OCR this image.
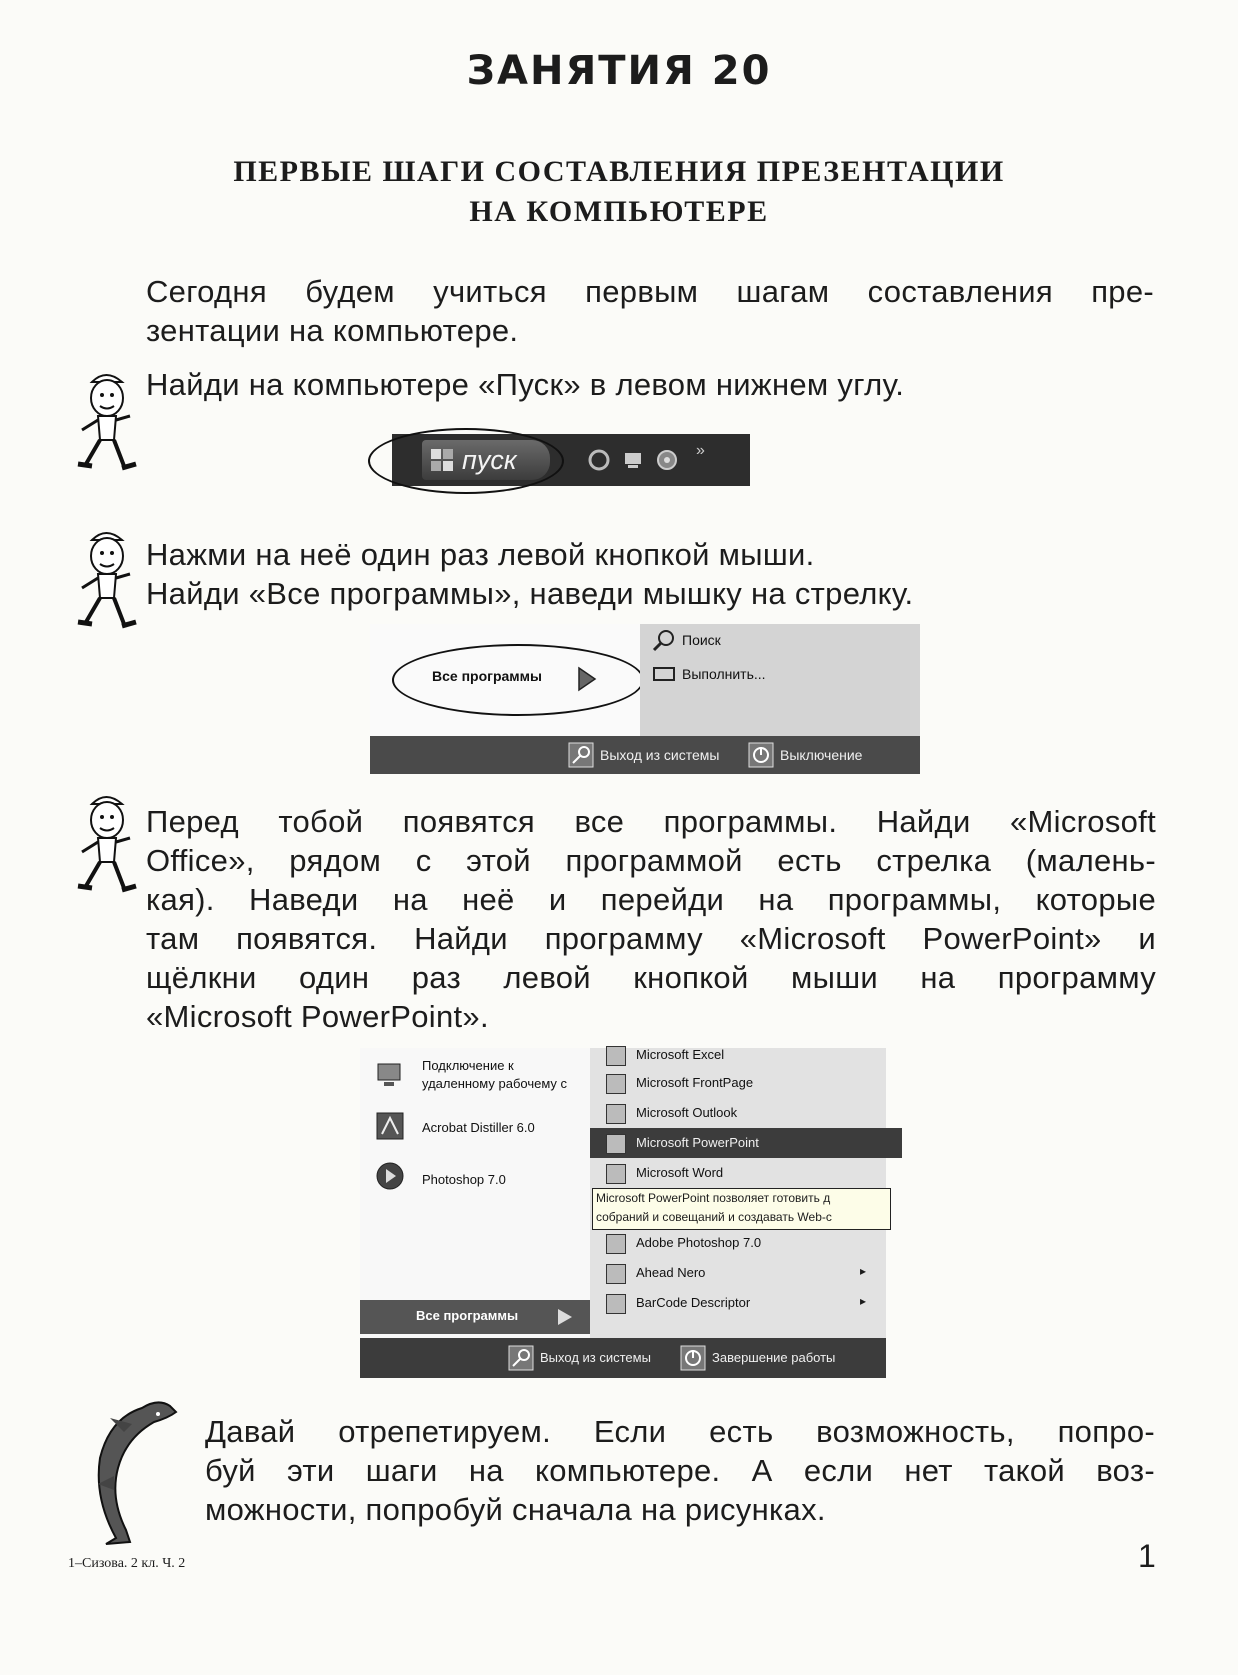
ЗАНЯТИЯ 20
ПЕРВЫЕ ШАГИ СОСТАВЛЕНИЯ ПРЕЗЕНТАЦИИ
НА КОМПЬЮТЕРЕ
Сегодня будем учиться первым шагам составления пре-
зентации на компьютере.
Найди на компьютере «Пуск» в левом нижнем углу.
пуск	»
Нажми на неё один раз левой кнопкой мыши.
Найди «Все программы», наведи мышку на стрелку.
Все программы
Поиск
Выполнить...
Выход из системы	Выключение
Перед тобой появятся все программы. Найди «Microsoft
Office», рядом с этой программой есть стрелка (малень-
кая). Наведи на неё и перейди на программы, которые
там появятся. Найди программу «Microsoft PowerPoint» и
щёлкни один раз левой кнопкой мыши на программу
«Microsoft PowerPoint».
Подключение к
удаленному рабочему с
Acrobat Distiller 6.0
Photoshop 7.0
Все программы
Microsoft Excel
Microsoft FrontPage
Microsoft Outlook
Microsoft PowerPoint
Microsoft Word
Adobe Photoshop 7.0
Ahead Nero	▸
BarCode Descriptor	▸
Microsoft PowerPoint позволяет готовить д
собраний и совещаний и создавать Web-с
Выход из системы	Завершение работы
Давай отрепетируем. Если есть возможность, попро-
буй эти шаги на компьютере. А если нет такой воз-
можности, попробуй сначала на рисунках.
1–Сизова. 2 кл. Ч. 2	1
